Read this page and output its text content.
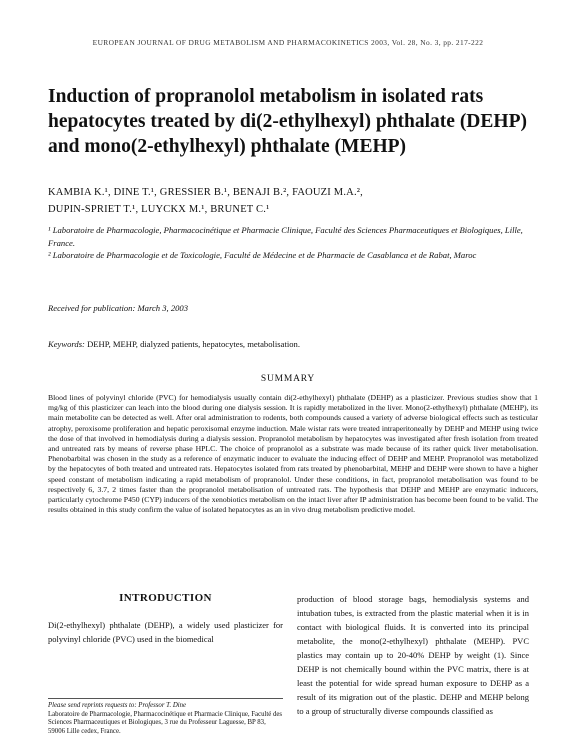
EUROPEAN JOURNAL OF DRUG METABOLISM AND PHARMACOKINETICS 2003, Vol. 28, No. 3, pp. 217-222
Induction of propranolol metabolism in isolated rats hepatocytes treated by di(2-ethylhexyl) phthalate (DEHP) and mono(2-ethylhexyl) phthalate (MEHP)
KAMBIA K.¹, DINE T.¹, GRESSIER B.¹, BENAJI B.², FAOUZI M.A.²,
DUPIN-SPRIET T.¹, LUYCKX M.¹, BRUNET C.¹

¹ Laboratoire de Pharmacologie, Pharmacocinétique et Pharmacie Clinique, Faculté des Sciences Pharmaceutiques et Biologiques, Lille, France.

² Laboratoire de Pharmacologie et de Toxicologie, Faculté de Médecine et de Pharmacie de Casablanca et de Rabat, Maroc

Received for publication: March 3, 2003
Keywords: DEHP, MEHP, dialyzed patients, hepatocytes, metabolisation.
SUMMARY

Blood lines of polyvinyl chloride (PVC) for hemodialysis usually contain di(2-ethylhexyl) phthalate (DEHP) as a plasticizer. Previous studies show that 1 mg/kg of this plasticizer can leach into the blood during one dialysis session. It is rapidly metabolized in the liver. Mono(2-ethylhexyl) phthalate (MEHP), its main metabolite can be detected as well. After oral administration to rodents, both compounds caused a variety of adverse biological effects such as testicular atrophy, peroxisome proliferation and hepatic peroxisomal enzyme induction. Male wistar rats were treated intraperitoneally by DEHP and MEHP using twice the dose of that involved in hemodialysis during a dialysis session. Propranolol metabolism by hepatocytes was investigated after fresh isolation from treated and untreated rats by means of reverse phase HPLC. The choice of propranolol as a substrate was made because of its rather quick liver metabolisation. Phenobarbital was chosen in the study as a reference of enzymatic inducer to evaluate the inducing effect of DEHP and MEHP. Propranolol was metabolized by the hepatocytes of both treated and untreated rats. Hepatocytes isolated from rats treated by phenobarbital, MEHP and DEHP were shown to have a higher speed constant of metabolism indicating a rapid metabolism of propranolol. Under these conditions, in fact, propranolol metabolisation was found to be respectively 6, 3.7, 2 times faster than the propranolol metabolisation of untreated rats. The hypothesis that DEHP and MEHP are enzymatic inducers, particularly cytochrome P450 (CYP) inducers of the xenobiotics metabolism on the intact liver after IP administration has become been found to be valid. The results obtained in this study confirm the value of isolated hepatocytes as an in vivo drug metabolism predictive model.

INTRODUCTION

Di(2-ethylhexyl) phthalate (DEHP), a widely used plasticizer for polyvinyl chloride (PVC) used in the biomedical

Please send reprints requests to: Professor T. Dine

Laboratoire de Pharmacologie, Pharmacocinétique et Pharmacie Clinique, Faculté des Sciences Pharmaceutiques et Biologiques, 3 rue du Professeur Laguesse, BP 83, 59006 Lille cedex, France.

production of blood storage bags, hemodialysis systems and intubation tubes, is extracted from the plastic material when it is in contact with biological fluids. It is converted into its principal metabolite, the mono(2-ethylhexyl) phthalate (MEHP). PVC plastics may contain up to 20-40% DEHP by weight (1). Since DEHP is not chemically bound within the PVC matrix, there is at least the potential for wide spread human exposure to DEHP as a result of its migration out of the plastic. DEHP and MEHP belong to a group of structurally diverse compounds classified as
